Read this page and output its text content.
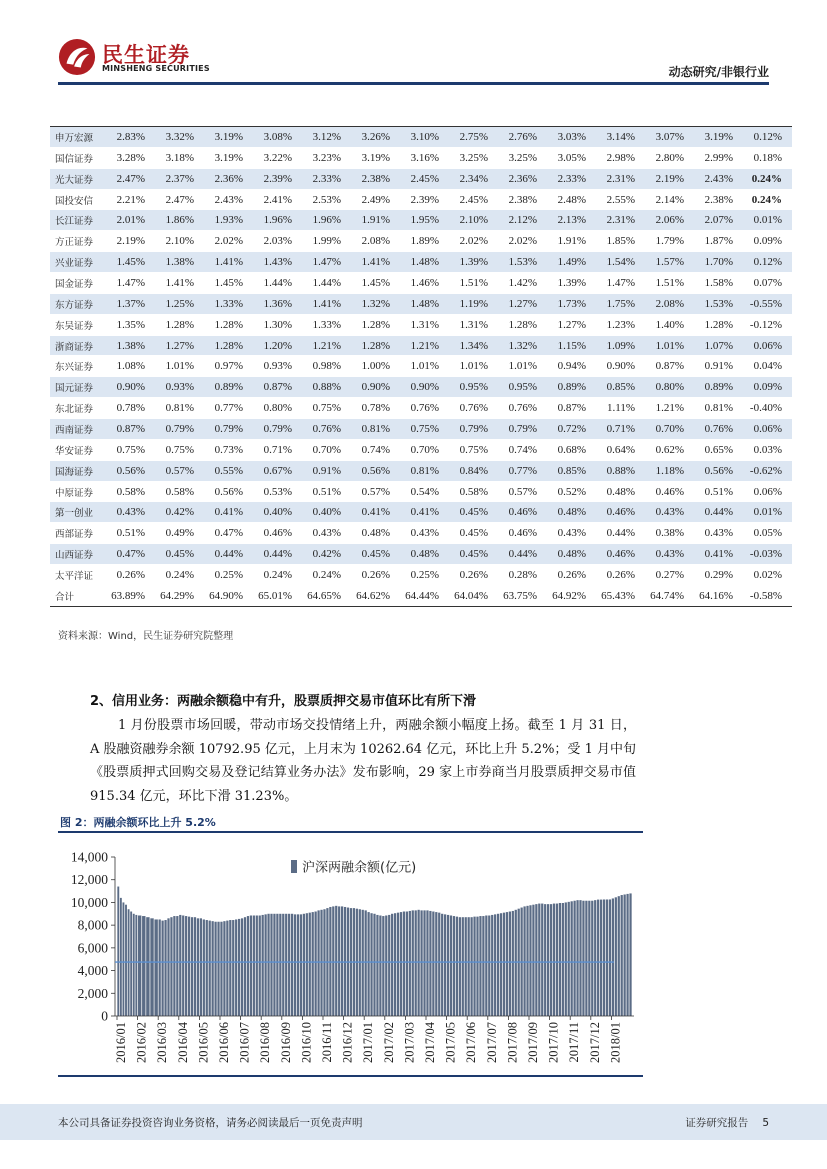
民生证券
MINSHENG SECURITIES	动态研究/非银行业
申万宏源	2.83%	3.32%	3.19%	3.08%	3.12%	3.26%	3.10%	2.75%	2.76%	3.03%	3.14%	3.07%	3.19%	0.12%
国信证券	3.28%	3.18%	3.19%	3.22%	3.23%	3.19%	3.16%	3.25%	3.25%	3.05%	2.98%	2.80%	2.99%	0.18%
光大证券	2.47%	2.37%	2.36%	2.39%	2.33%	2.38%	2.45%	2.34%	2.36%	2.33%	2.31%	2.19%	2.43%	0.24%
国投安信	2.21%	2.47%	2.43%	2.41%	2.53%	2.49%	2.39%	2.45%	2.38%	2.48%	2.55%	2.14%	2.38%	0.24%
长江证券	2.01%	1.86%	1.93%	1.96%	1.96%	1.91%	1.95%	2.10%	2.12%	2.13%	2.31%	2.06%	2.07%	0.01%
方正证券	2.19%	2.10%	2.02%	2.03%	1.99%	2.08%	1.89%	2.02%	2.02%	1.91%	1.85%	1.79%	1.87%	0.09%
兴业证券	1.45%	1.38%	1.41%	1.43%	1.47%	1.41%	1.48%	1.39%	1.53%	1.49%	1.54%	1.57%	1.70%	0.12%
国金证券	1.47%	1.41%	1.45%	1.44%	1.44%	1.45%	1.46%	1.51%	1.42%	1.39%	1.47%	1.51%	1.58%	0.07%
东方证券	1.37%	1.25%	1.33%	1.36%	1.41%	1.32%	1.48%	1.19%	1.27%	1.73%	1.75%	2.08%	1.53%	-0.55%
东吴证券	1.35%	1.28%	1.28%	1.30%	1.33%	1.28%	1.31%	1.31%	1.28%	1.27%	1.23%	1.40%	1.28%	-0.12%
浙商证券	1.38%	1.27%	1.28%	1.20%	1.21%	1.28%	1.21%	1.34%	1.32%	1.15%	1.09%	1.01%	1.07%	0.06%
东兴证券	1.08%	1.01%	0.97%	0.93%	0.98%	1.00%	1.01%	1.01%	1.01%	0.94%	0.90%	0.87%	0.91%	0.04%
国元证券	0.90%	0.93%	0.89%	0.87%	0.88%	0.90%	0.90%	0.95%	0.95%	0.89%	0.85%	0.80%	0.89%	0.09%
东北证券	0.78%	0.81%	0.77%	0.80%	0.75%	0.78%	0.76%	0.76%	0.76%	0.87%	1.11%	1.21%	0.81%	-0.40%
西南证券	0.87%	0.79%	0.79%	0.79%	0.76%	0.81%	0.75%	0.79%	0.79%	0.72%	0.71%	0.70%	0.76%	0.06%
华安证券	0.75%	0.75%	0.73%	0.71%	0.70%	0.74%	0.70%	0.75%	0.74%	0.68%	0.64%	0.62%	0.65%	0.03%
国海证券	0.56%	0.57%	0.55%	0.67%	0.91%	0.56%	0.81%	0.84%	0.77%	0.85%	0.88%	1.18%	0.56%	-0.62%
中原证券	0.58%	0.58%	0.56%	0.53%	0.51%	0.57%	0.54%	0.58%	0.57%	0.52%	0.48%	0.46%	0.51%	0.06%
第一创业	0.43%	0.42%	0.41%	0.40%	0.40%	0.41%	0.41%	0.45%	0.46%	0.48%	0.46%	0.43%	0.44%	0.01%
西部证券	0.51%	0.49%	0.47%	0.46%	0.43%	0.48%	0.43%	0.45%	0.46%	0.43%	0.44%	0.38%	0.43%	0.05%
山西证券	0.47%	0.45%	0.44%	0.44%	0.42%	0.45%	0.48%	0.45%	0.44%	0.48%	0.46%	0.43%	0.41%	-0.03%
太平洋证	0.26%	0.24%	0.25%	0.24%	0.24%	0.26%	0.25%	0.26%	0.28%	0.26%	0.26%	0.27%	0.29%	0.02%
合计	63.89%	64.29%	64.90%	65.01%	64.65%	64.62%	64.44%	64.04%	63.75%	64.92%	65.43%	64.74%	64.16%	-0.58%
资料来源：Wind，民生证券研究院整理
2、信用业务：两融余额稳中有升，股票质押交易市值环比有所下滑
1 月份股票市场回暖，带动市场交投情绪上升，两融余额小幅度上扬。截至 1 月 31 日，A 股融资融券余额 10792.95 亿元，上月末为 10262.64 亿元，环比上升 5.2%；受 1 月中旬《股票质押式回购交易及登记结算业务办法》发布影响，29 家上市券商当月股票质押交易市值 915.34 亿元，环比下滑 31.23%。
图 2：两融余额环比上升 5.2%
0
2,000
4,000
6,000
8,000
10,000
12,000
14,000
2016/01 2016/02 2016/03 2016/04 2016/05 2016/06 2016/07 2016/08 2016/09 2016/10 2016/11 2016/12 2017/01 2017/02 2017/03 2017/04 2017/05 2017/06 2017/07 2017/08 2017/09 2017/10 2017/11 2017/12 2018/01
沪深两融余额(亿元)
本公司具备证券投资咨询业务资格，请务必阅读最后一页免责声明	证券研究报告 5
